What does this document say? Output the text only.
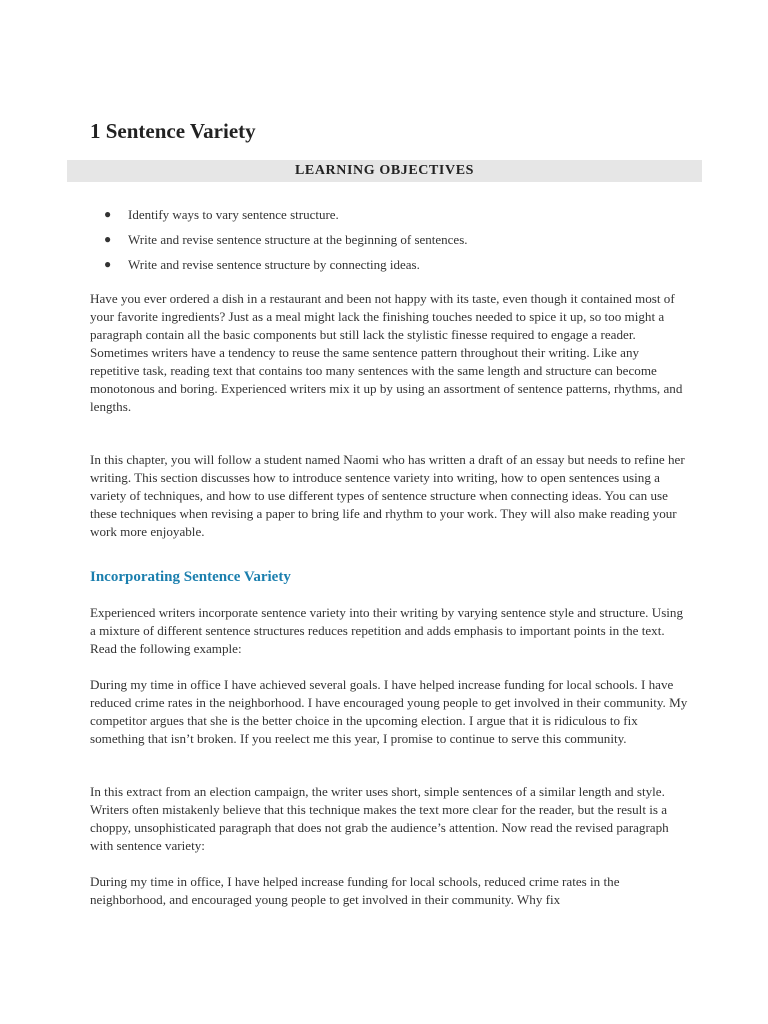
1 Sentence Variety
LEARNING OBJECTIVES
● Identify ways to vary sentence structure.
● Write and revise sentence structure at the beginning of sentences.
● Write and revise sentence structure by connecting ideas.

Have you ever ordered a dish in a restaurant and been not happy with its taste, even though it contained most of your favorite ingredients? Just as a meal might lack the finishing touches needed to spice it up, so too might a paragraph contain all the basic components but still lack the stylistic finesse required to engage a reader. Sometimes writers have a tendency to reuse the same sentence pattern throughout their writing. Like any repetitive task, reading text that contains too many sentences with the same length and structure can become monotonous and boring. Experienced writers mix it up by using an assortment of sentence patterns, rhythms, and lengths.

In this chapter, you will follow a student named Naomi who has written a draft of an essay but needs to refine her writing. This section discusses how to introduce sentence variety into writing, how to open sentences using a variety of techniques, and how to use different types of sentence structure when connecting ideas. You can use these techniques when revising a paper to bring life and rhythm to your work. They will also make reading your work more enjoyable.

Incorporating Sentence Variety

Experienced writers incorporate sentence variety into their writing by varying sentence style and structure. Using a mixture of different sentence structures reduces repetition and adds emphasis to important points in the text. Read the following example:

During my time in office I have achieved several goals. I have helped increase funding for local schools. I have reduced crime rates in the neighborhood. I have encouraged young people to get involved in their community. My competitor argues that she is the better choice in the upcoming election. I argue that it is ridiculous to fix something that isn’t broken. If you reelect me this year, I promise to continue to serve this community.

In this extract from an election campaign, the writer uses short, simple sentences of a similar length and style. Writers often mistakenly believe that this technique makes the text more clear for the reader, but the result is a choppy, unsophisticated paragraph that does not grab the audience’s attention. Now read the revised paragraph with sentence variety:

During my time in office, I have helped increase funding for local schools, reduced crime rates in the neighborhood, and encouraged young people to get involved in their community. Why fix
